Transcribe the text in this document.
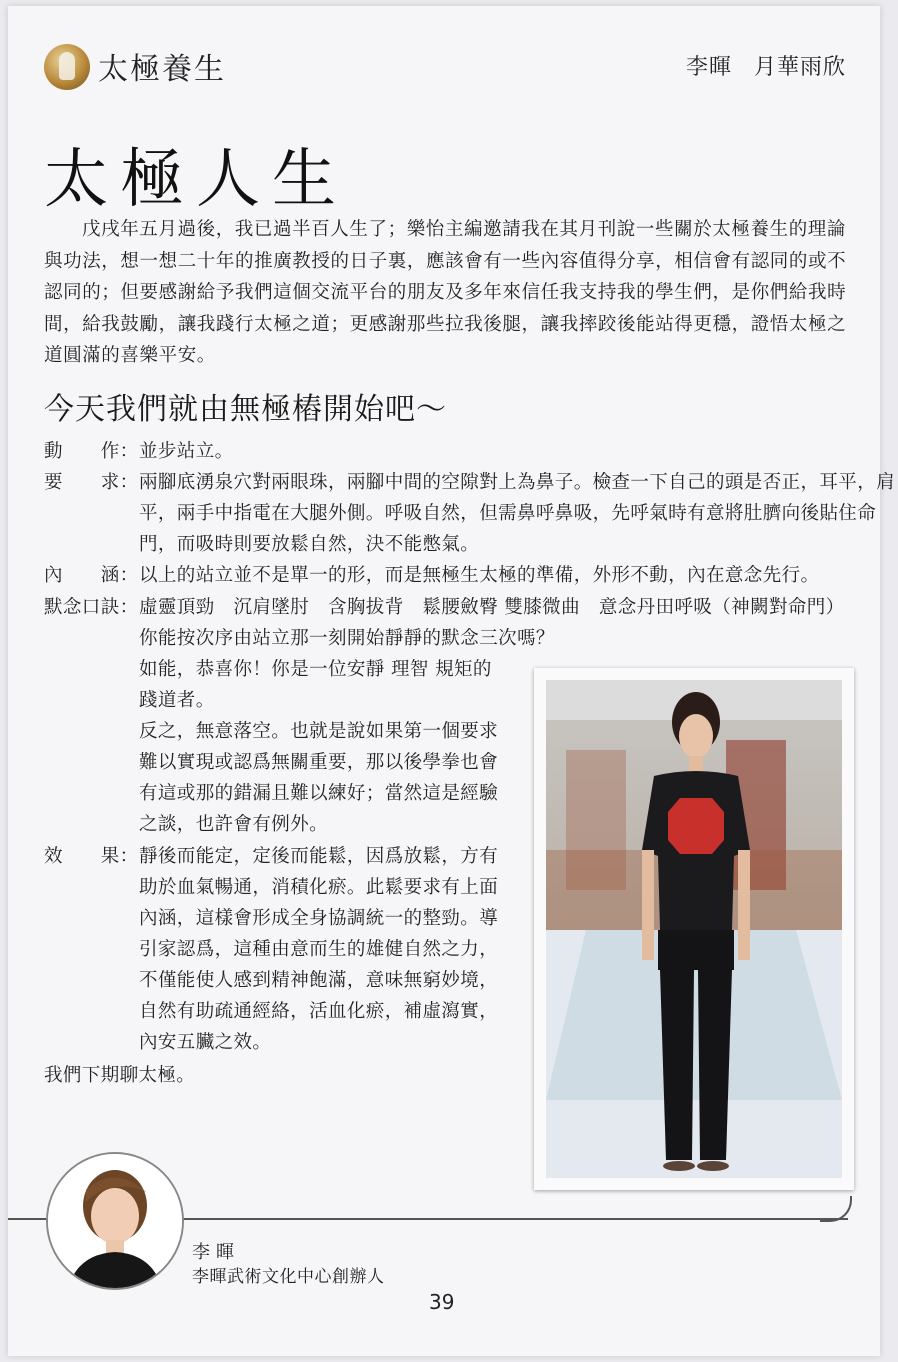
太極養生	李暉 月華雨欣
太極人生
戊戌年五月過後，我已過半百人生了；樂怡主編邀請我在其月刊說一些關於太極養生的理論與功法，想一想二十年的推廣教授的日子裏，應該會有一些內容值得分享，相信會有認同的或不認同的；但要感謝給予我們這個交流平台的朋友及多年來信任我支持我的學生們，是你們給我時間，給我鼓勵，讓我踐行太極之道；更感謝那些拉我後腿，讓我摔跤後能站得更穩，證悟太極之道圓滿的喜樂平安。
今天我們就由無極樁開始吧～
動　　作： 並步站立。
要　　求： 兩腳底湧泉穴對兩眼珠，兩腳中間的空隙對上為鼻子。檢查一下自己的頭是否正，耳平，肩平，兩手中指電在大腿外側。呼吸自然，但需鼻呼鼻吸，先呼氣時有意將肚臍向後貼住命門，而吸時則要放鬆自然，決不能憋氣。
內　　涵： 以上的站立並不是單一的形，而是無極生太極的準備，外形不動，內在意念先行。
默念口訣： 虛靈頂勁　沉肩墜肘　含胸拔背　鬆腰斂臀 雙膝微曲　意念丹田呼吸（神闕對命門）
你能按次序由站立那一刻開始靜靜的默念三次嗎？
如能，恭喜你！你是一位安靜 理智 規矩的踐道者。
反之，無意落空。也就是說如果第一個要求難以實現或認爲無關重要，那以後學拳也會有這或那的錯漏且難以練好；當然這是經驗之談，也許會有例外。
效　　果： 靜後而能定，定後而能鬆，因爲放鬆，方有助於血氣暢通，消積化瘀。此鬆要求有上面內涵，這樣會形成全身協調統一的整勁。導引家認爲，這種由意而生的雄健自然之力，不僅能使人感到精神飽滿，意味無窮妙境，自然有助疏通經絡，活血化瘀，補虛瀉實，內安五臟之效。
我們下期聊太極。
李暉
李暉武術文化中心創辦人
39
